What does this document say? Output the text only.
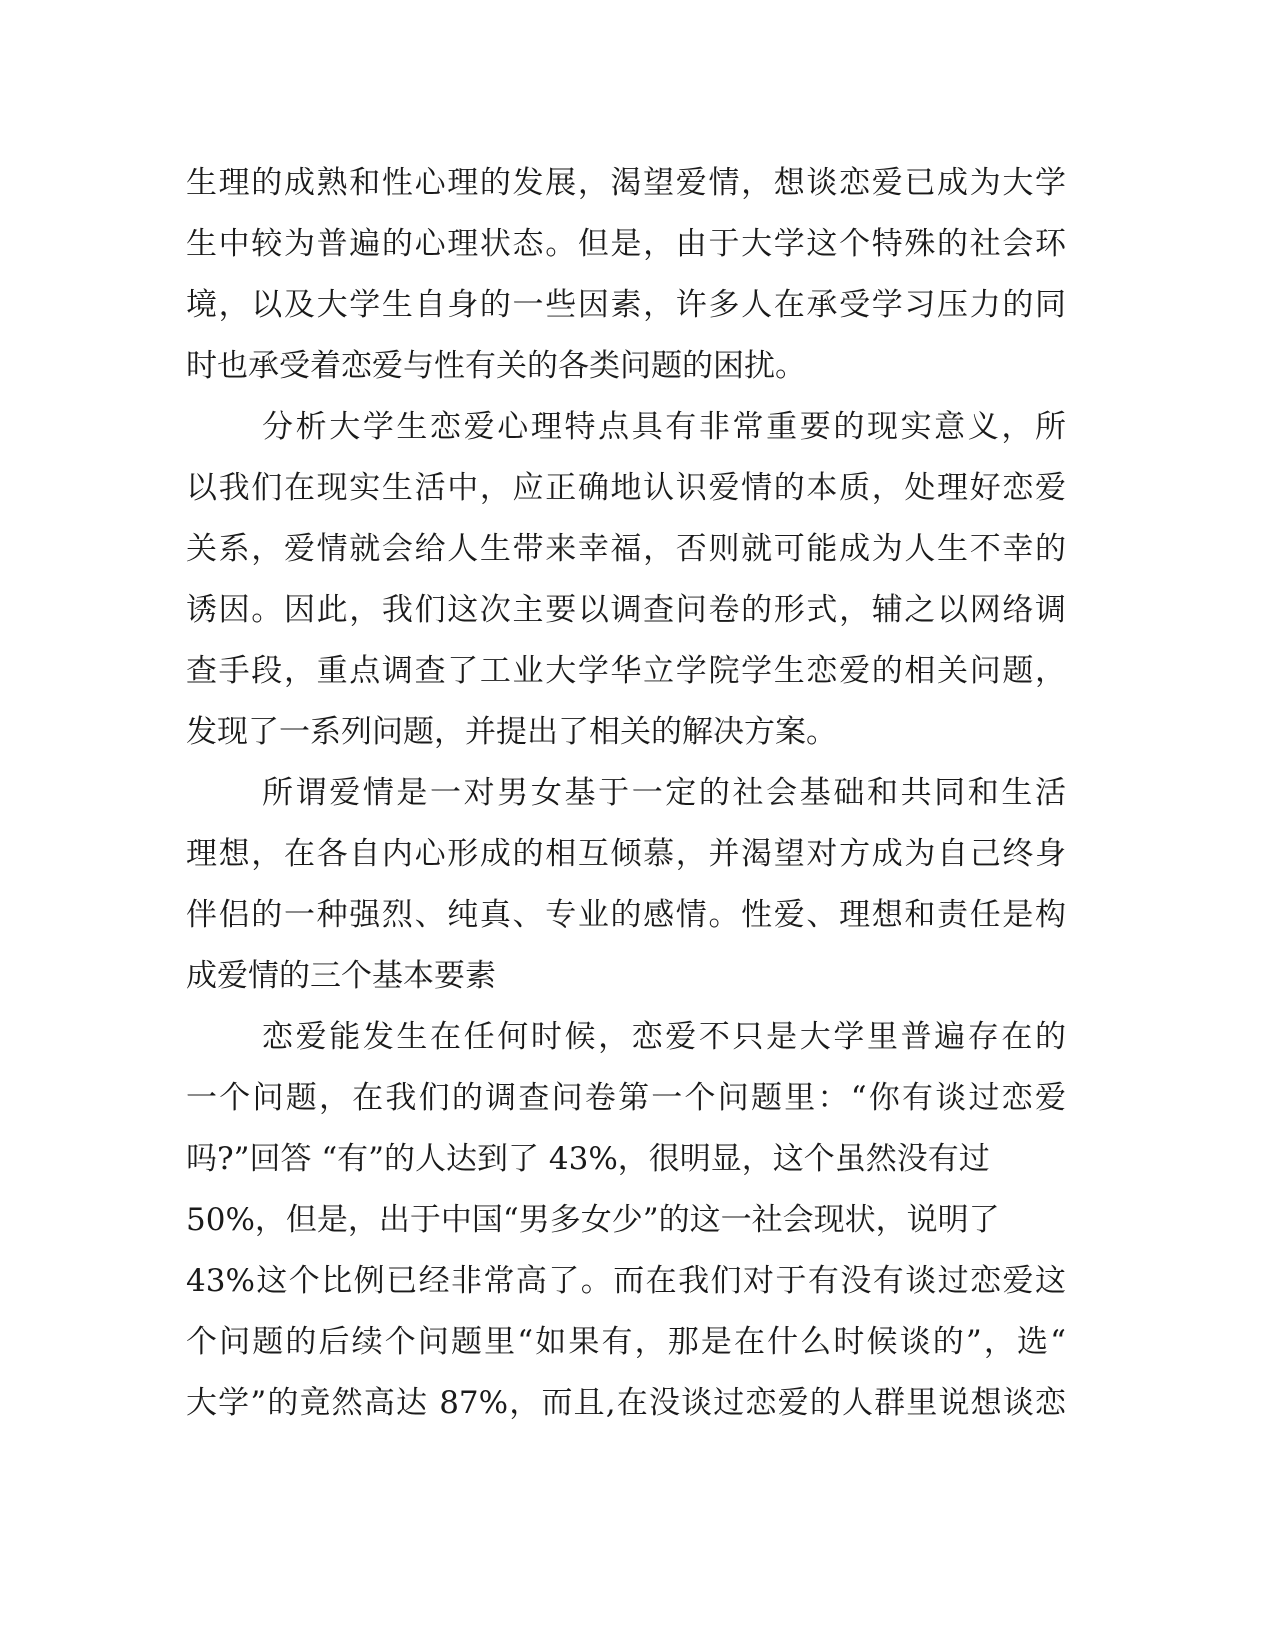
生理的成熟和性心理的发展，渴望爱情，想谈恋爱已成为大学
生中较为普遍的心理状态。但是，由于大学这个特殊的社会环
境，以及大学生自身的一些因素，许多人在承受学习压力的同
时也承受着恋爱与性有关的各类问题的困扰。
分析大学生恋爱心理特点具有非常重要的现实意义，所
以我们在现实生活中，应正确地认识爱情的本质，处理好恋爱
关系，爱情就会给人生带来幸福，否则就可能成为人生不幸的
诱因。因此，我们这次主要以调查问卷的形式，辅之以网络调
查手段，重点调查了工业大学华立学院学生恋爱的相关问题，
发现了一系列问题，并提出了相关的解决方案。
所谓爱情是一对男女基于一定的社会基础和共同和生活
理想，在各自内心形成的相互倾慕，并渴望对方成为自己终身
伴侣的一种强烈、纯真、专业的感情。性爱、理想和责任是构
成爱情的三个基本要素
恋爱能发生在任何时候，恋爱不只是大学里普遍存在的
一个问题，在我们的调查问卷第一个问题里：“你有谈过恋爱
吗?”回答 “有”的人达到了 43%，很明显，这个虽然没有过
50%，但是，出于中国“男多女少”的这一社会现状，说明了
43%这个比例已经非常高了。而在我们对于有没有谈过恋爱这
个问题的后续个问题里“如果有，那是在什么时候谈的”，选“
大学”的竟然高达 87%，而且,在没谈过恋爱的人群里说想谈恋
